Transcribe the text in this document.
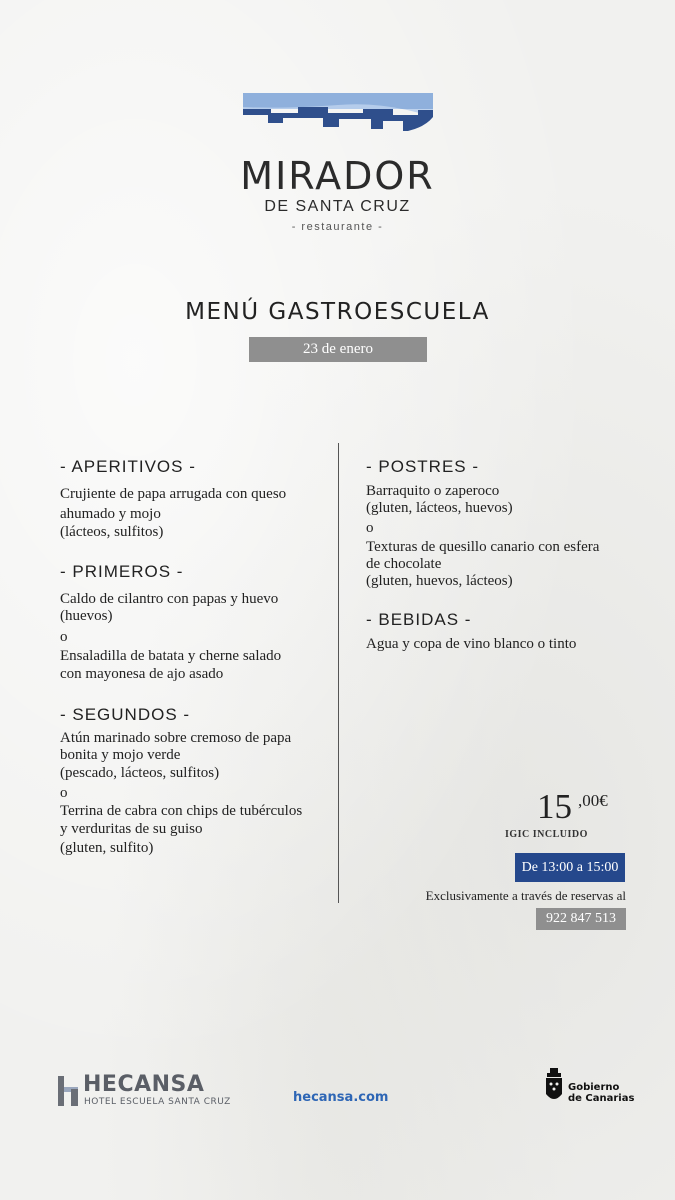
MIRADOR
DE SANTA CRUZ
- restaurante -
MENÚ GASTROESCUELA
23 de enero
- APERITIVOS -
Crujiente de papa arrugada con queso
ahumado y mojo
(lácteos, sulfitos)
- PRIMEROS -
Caldo de cilantro con papas y huevo
(huevos)
o
Ensaladilla de batata y cherne salado
con mayonesa de ajo asado
- SEGUNDOS -
Atún marinado sobre cremoso de papa
bonita y mojo verde
(pescado, lácteos, sulfitos)
o
Terrina de cabra con chips de tubérculos
y verduritas de su guiso
(gluten, sulfito)
- POSTRES -
Barraquito o zaperoco
(gluten, lácteos, huevos)
o
Texturas de quesillo canario con esfera
de chocolate
(gluten, huevos, lácteos)
- BEBIDAS -
Agua y copa de vino blanco o tinto
15 ,00€
IGIC INCLUIDO
De 13:00 a 15:00
Exclusivamente a través de reservas al
922 847 513
HECANSA
HOTEL ESCUELA SANTA CRUZ	hecansa.com
Gobierno
de Canarias
